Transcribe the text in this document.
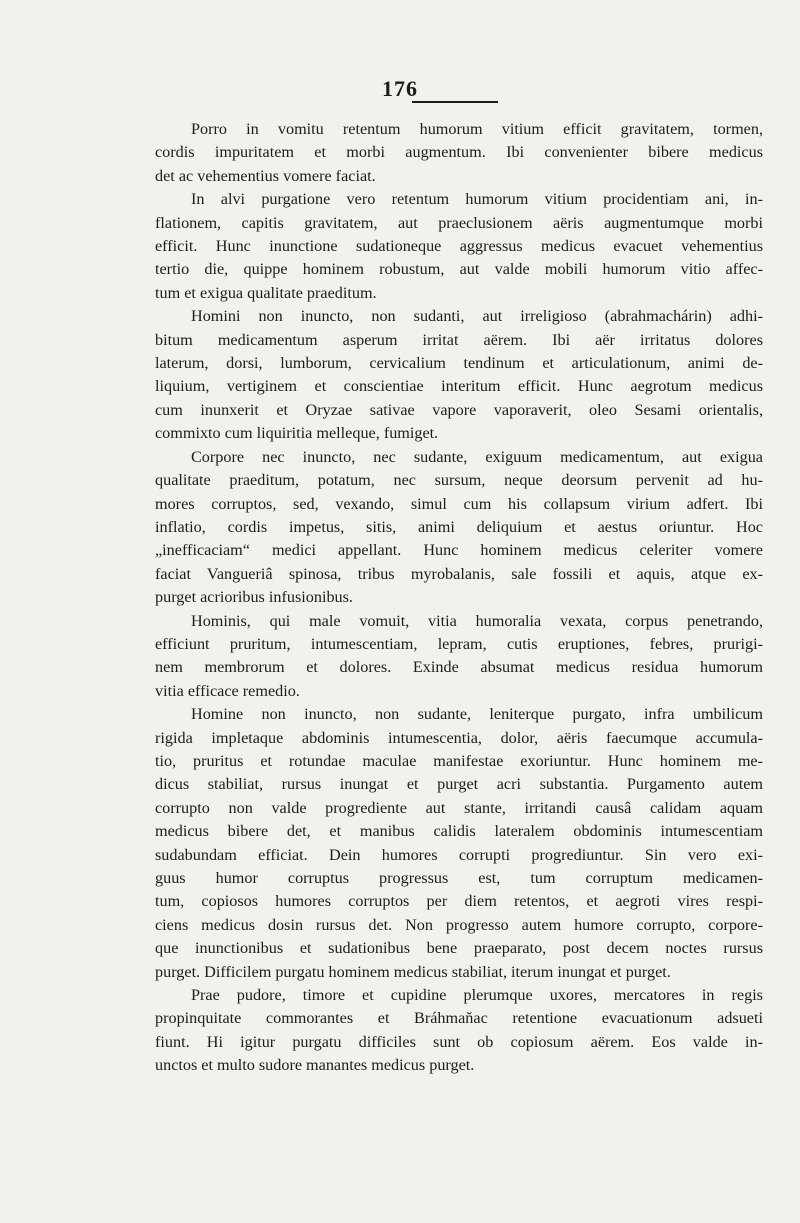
176
Porro in vomitu retentum humorum vitium efficit gravitatem, tormen,
cordis impuritatem et morbi augmentum. Ibi convenienter bibere medicus
det ac vehementius vomere faciat.
In alvi purgatione vero retentum humorum vitium procidentiam ani, in-
flationem, capitis gravitatem, aut praeclusionem aëris augmentumque morbi
efficit. Hunc inunctione sudationeque aggressus medicus evacuet vehementius
tertio die, quippe hominem robustum, aut valde mobili humorum vitio affec-
tum et exigua qualitate praeditum.
Homini non inuncto, non sudanti, aut irreligioso (abrahmachárin) adhi-
bitum medicamentum asperum irritat aërem. Ibi aër irritatus dolores
laterum, dorsi, lumborum, cervicalium tendinum et articulationum, animi de-
liquium, vertiginem et conscientiae interitum efficit. Hunc aegrotum medicus
cum inunxerit et Oryzae sativae vapore vaporaverit, oleo Sesami orientalis,
commixto cum liquiritia melleque, fumiget.
Corpore nec inuncto, nec sudante, exiguum medicamentum, aut exigua
qualitate praeditum, potatum, nec sursum, neque deorsum pervenit ad hu-
mores corruptos, sed, vexando, simul cum his collapsum virium adfert. Ibi
inflatio, cordis impetus, sitis, animi deliquium et aestus oriuntur. Hoc
„inefficaciam“ medici appellant. Hunc hominem medicus celeriter vomere
faciat Vangueriâ spinosa, tribus myrobalanis, sale fossili et aquis, atque ex-
purget acrioribus infusionibus.
Hominis, qui male vomuit, vitia humoralia vexata, corpus penetrando,
efficiunt pruritum, intumescentiam, lepram, cutis eruptiones, febres, prurigi-
nem membrorum et dolores. Exinde absumat medicus residua humorum
vitia efficace remedio.
Homine non inuncto, non sudante, leniterque purgato, infra umbilicum
rigida impletaque abdominis intumescentia, dolor, aëris faecumque accumula-
tio, pruritus et rotundae maculae manifestae exoriuntur. Hunc hominem me-
dicus stabiliat, rursus inungat et purget acri substantia. Purgamento autem
corrupto non valde progrediente aut stante, irritandi causâ calidam aquam
medicus bibere det, et manibus calidis lateralem obdominis intumescentiam
sudabundam efficiat. Dein humores corrupti progrediuntur. Sin vero exi-
guus humor corruptus progressus est, tum corruptum medicamen-
tum, copiosos humores corruptos per diem retentos, et aegroti vires respi-
ciens medicus dosin rursus det. Non progresso autem humore corrupto, corpore-
que inunctionibus et sudationibus bene praeparato, post decem noctes rursus
purget. Difficilem purgatu hominem medicus stabiliat, iterum inungat et purget.
Prae pudore, timore et cupidine plerumque uxores, mercatores in regis
propinquitate commorantes et Bráhmaňac retentione evacuationum adsueti
fiunt. Hi igitur purgatu difficiles sunt ob copiosum aërem. Eos valde in-
unctos et multo sudore manantes medicus purget.
